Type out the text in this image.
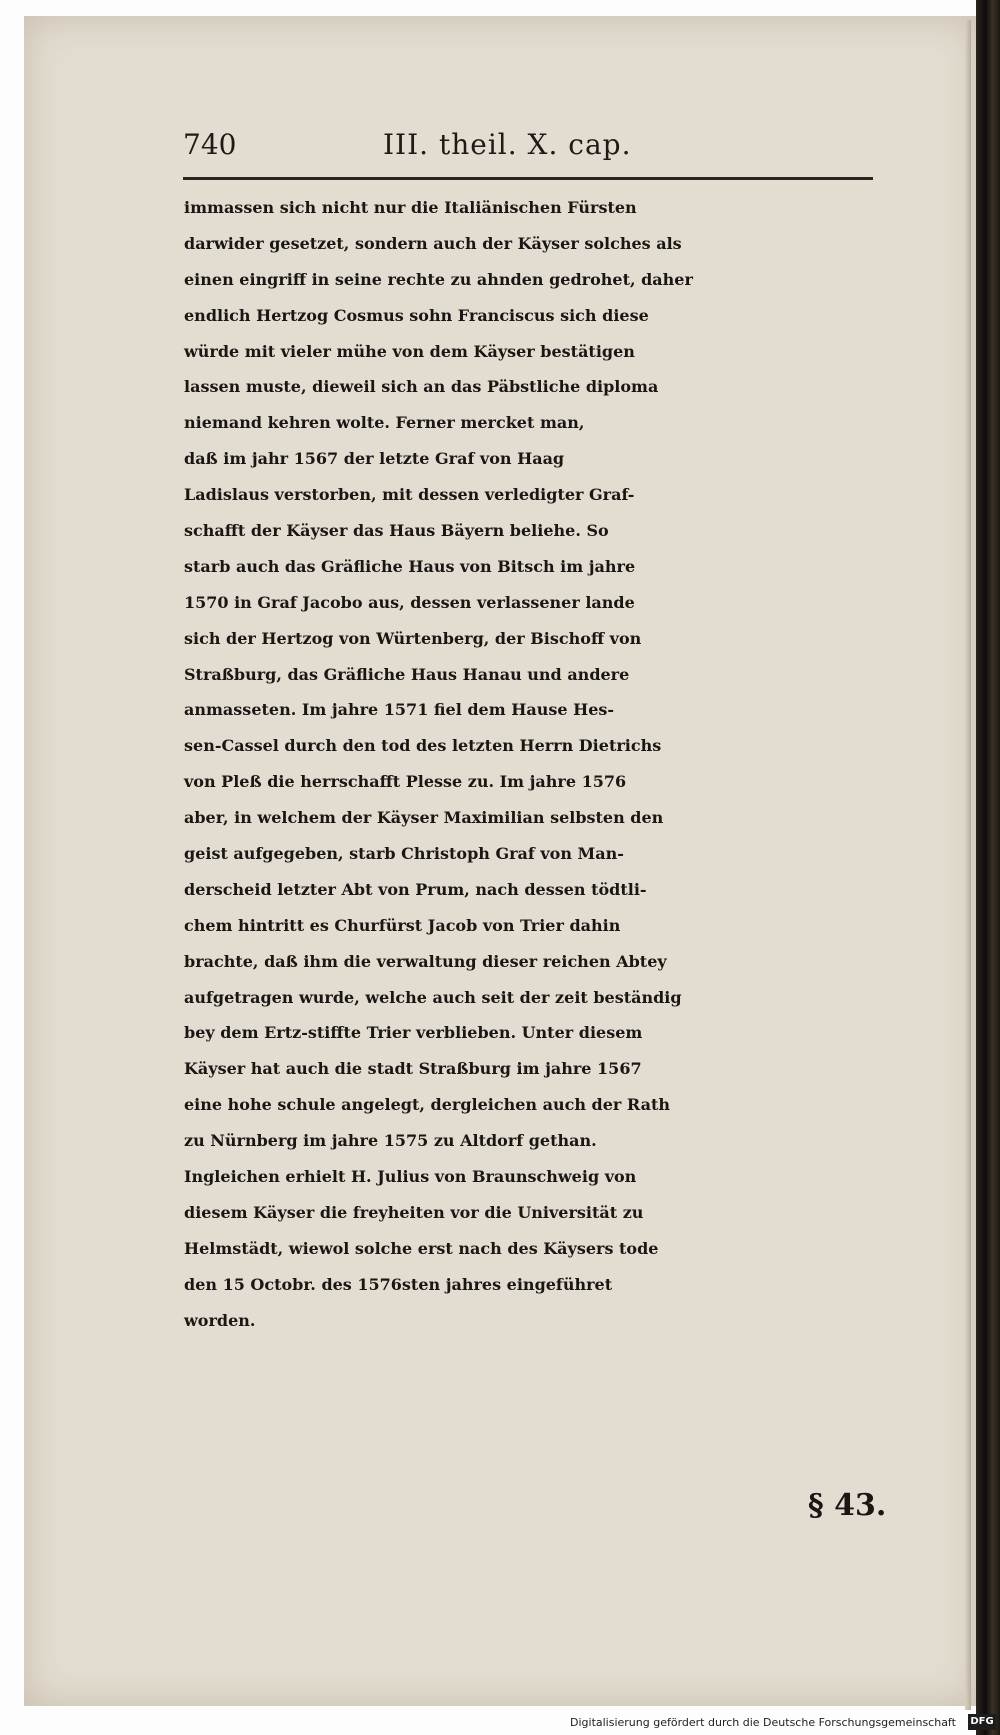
740	III. theil. X. cap.
immassen sich nicht nur die Italiänischen Fürsten
darwider gesetzet, sondern auch der Käyser solches als
einen eingriff in seine rechte zu ahnden gedrohet, daher
endlich Hertzog Cosmus sohn Franciscus sich diese
würde mit vieler mühe von dem Käyser bestätigen
lassen muste, dieweil sich an das Päbstliche diploma
niemand kehren wolte. Ferner mercket man,
daß im jahr 1567 der letzte Graf von Haag
Ladislaus verstorben, mit dessen verledigter Graf-
schafft der Käyser das Haus Bäyern beliehe. So
starb auch das Gräfliche Haus von Bitsch im jahre
1570 in Graf Jacobo aus, dessen verlassener lande
sich der Hertzog von Würtenberg, der Bischoff von
Straßburg, das Gräfliche Haus Hanau und andere
anmasseten. Im jahre 1571 fiel dem Hause Hes-
sen-Cassel durch den tod des letzten Herrn Dietrichs
von Pleß die herrschafft Plesse zu. Im jahre 1576
aber, in welchem der Käyser Maximilian selbsten den
geist aufgegeben, starb Christoph Graf von Man-
derscheid letzter Abt von Prum, nach dessen tödtli-
chem hintritt es Churfürst Jacob von Trier dahin
brachte, daß ihm die verwaltung dieser reichen Abtey
aufgetragen wurde, welche auch seit der zeit beständig
bey dem Ertz-stiffte Trier verblieben. Unter diesem
Käyser hat auch die stadt Straßburg im jahre 1567
eine hohe schule angelegt, dergleichen auch der Rath
zu Nürnberg im jahre 1575 zu Altdorf gethan.
Ingleichen erhielt H. Julius von Braunschweig von
diesem Käyser die freyheiten vor die Universität zu
Helmstädt, wiewol solche erst nach des Käysers tode
den 15 Octobr. des 1576sten jahres eingeführet
worden.
§ 43.
Digitalisierung gefördert durch die Deutsche Forschungsgemeinschaft DFG
